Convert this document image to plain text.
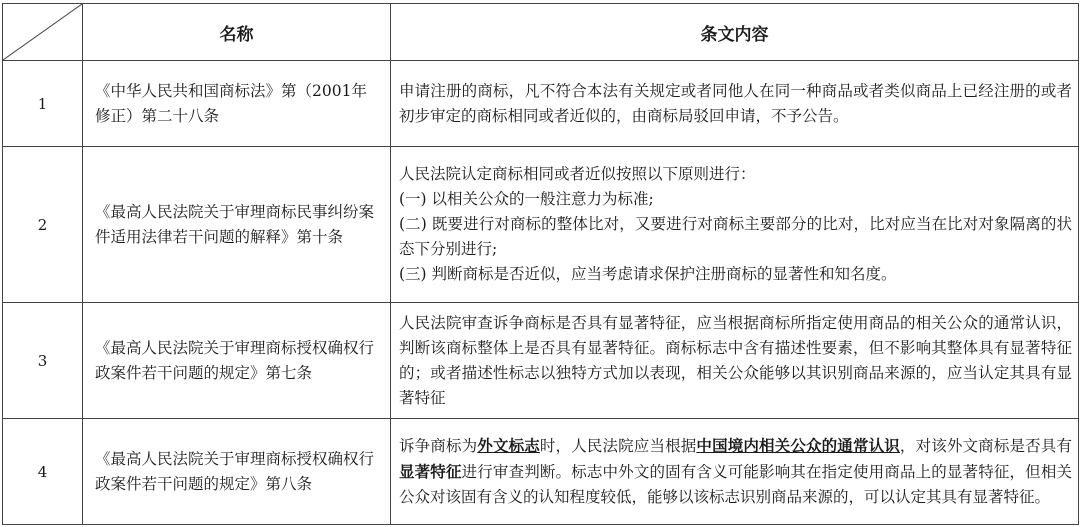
	名称	条文内容
1	《中华人民共和国商标法》第（2001年修正）第二十八条	申请注册的商标，凡不符合本法有关规定或者同他人在同一种商品或者类似商品上已经注册的或者初步审定的商标相同或者近似的，由商标局驳回申请，不予公告。

2	《最高人民法院关于审理商标民事纠纷案件适用法律若干问题的解释》第十条	人民法院认定商标相同或者近似按照以下原则进行：

(一) 以相关公众的一般注意力为标准;

(二) 既要进行对商标的整体比对，又要进行对商标主要部分的比对，比对应当在比对对象隔离的状态下分别进行;

(三) 判断商标是否近似，应当考虑请求保护注册商标的显著性和知名度。

3	《最高人民法院关于审理商标授权确权行政案件若干问题的规定》第七条	人民法院审查诉争商标是否具有显著特征，应当根据商标所指定使用商品的相关公众的通常认识，判断该商标整体上是否具有显著特征。商标标志中含有描述性要素，但不影响其整体具有显著特征的；或者描述性标志以独特方式加以表现，相关公众能够以其识别商品来源的，应当认定其具有显著特征

4	《最高人民法院关于审理商标授权确权行政案件若干问题的规定》第八条	诉争商标为外文标志时，人民法院应当根据中国境内相关公众的通常认识，对该外文商标是否具有显著特征进行审查判断。标志中外文的固有含义可能影响其在指定使用商品上的显著特征，但相关公众对该固有含义的认知程度较低，能够以该标志识别商品来源的，可以认定其具有显著特征。
